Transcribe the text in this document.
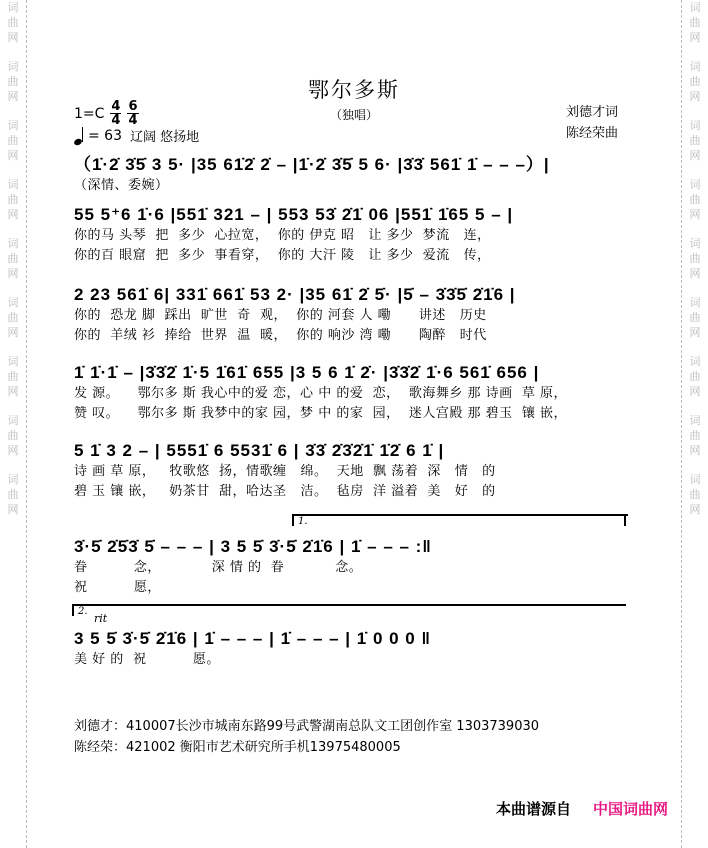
词
曲
网
词
曲
网
词
曲
网
词
曲
网
词
曲
网
词
曲
网
词
曲
网
词
曲
网
词
曲
网
词
曲
网
词
曲
网
词
曲
网
词
曲
网
词
曲
网
词
曲
网
词
曲
网
词
曲
网
词
曲
网
鄂尔多斯
（独唱）
$1=C \frac{4}{4} \frac{6}{4}$
= 63 辽阔 悠扬地
刘德才词
陈经荣曲
（1̇·2̇ 3̇5̇ 3 5· |35 61̇2̇ 2̇ – |1̇·2̇ 3̇5̇ 5 6· |3̇3̇ 561̇ 1̇ – – –）|
（深情、委婉）
55 5⁺6 1̇·6 |551̇ 321 – | 553 53̇ 2̇1̇ 06 |551̇ 1̇65 5 – |
你的马 头琴  把  多少  心拉宽，  你的 伊克 昭   让 多少  梦流   连，
你的百 眼窟  把  多少  事看穿，  你的 大汗 陵   让 多少  爱流   传，
2 23 561̇ 6| 331̇ 661̇ 53 2· |35 61̇ 2̇ 5̇· |5̇ – 3̇3̇5̇ 2̇1̇6 |
你的  恐龙 脚  踩出  旷世  奇  观，  你的 河套 人 嘞      讲述   历史
你的  羊绒 衫  捧给  世界  温  暖，  你的 响沙 湾 嘞      陶醉   时代
1̇ 1̇·1̇ – |3̇3̇2̇ 1̇·5 1̇61̇ 655 |3 5 6 1̇ 2̇· |3̇3̇2̇ 1̇·6 561̇ 656 |
发 源。    鄂尔多 斯 我心中的爱 恋，心 中 的爱  恋，  歌海舞乡 那 诗画  草 原，
赞 叹。    鄂尔多 斯 我梦中的家 园，梦 中 的家  园，  迷人宫殿 那 碧玉  镶 嵌，
5 1̇ 3 2 – | 5551̇ 6 5531̇ 6 | 3̇3̇ 2̇3̇2̇1̇ 1̇2̇ 6 1̇ |
诗 画 草 原，   牧歌悠  扬，情歌缠   绵。  天地  飘 荡着  深   情   的
碧 玉 镶 嵌，   奶茶甘  甜，哈达圣   洁。  毡房  洋 溢着  美   好   的
1.
3̇·5̇ 2̇5̇3̇ 5̇ – – – | 3 5 5̇ 3̇·5̇ 2̇1̇6 | 1̇ – – – :‖
眷          念，           深 情 的  眷           念。
祝          愿，
2.
rit
3 5 5̇ 3̇·5̇ 2̇1̇6 | 1̇ – – – | 1̇ – – – | 1̇ 0 0 0 ‖
美 好 的  祝          愿。
刘德才：410007长沙市城南东路99号武警湖南总队文工团创作室 1303739030
陈经荣：421002 衡阳市艺术研究所手机13975480005
本曲谱源自 中国词曲网
